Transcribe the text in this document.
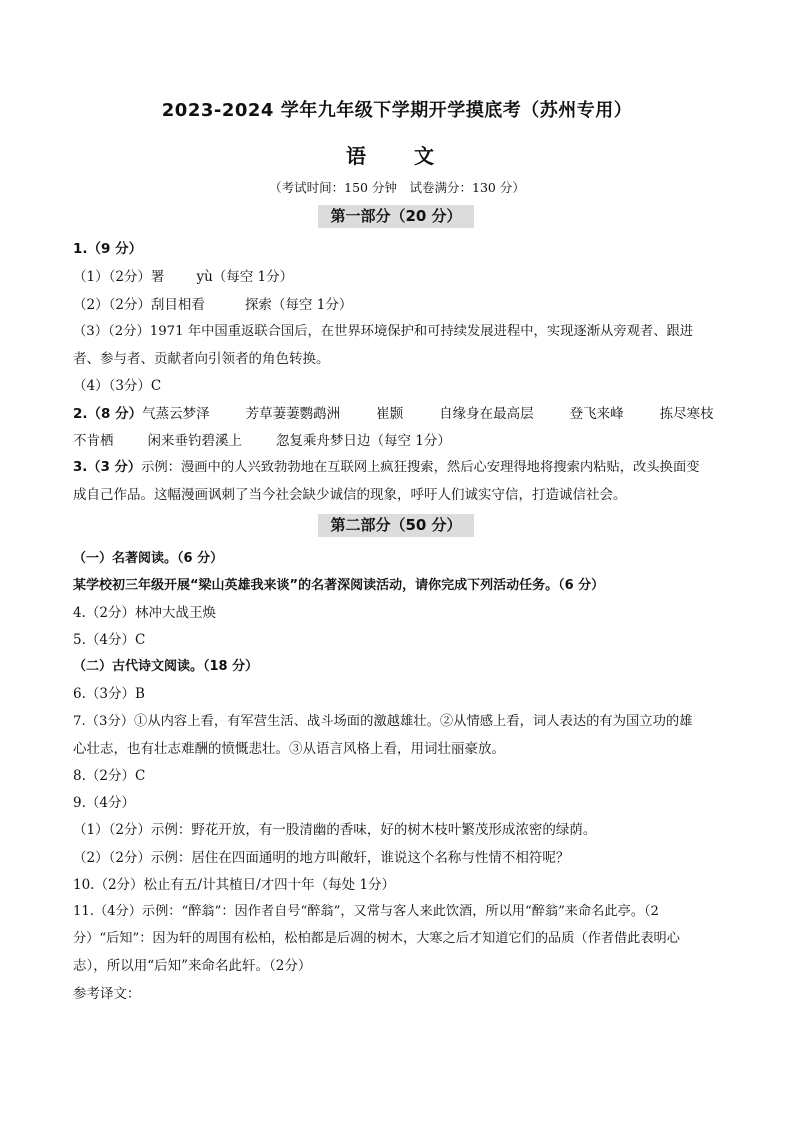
2023-2024 学年九年级下学期开学摸底考（苏州专用）
语　文
（考试时间：150 分钟　试卷满分：130 分）
第一部分（20 分）
1.（9 分）
（1）（2分）署 yù（每空 1分）
（2）（2分）刮目相看	探索（每空 1分）
（3）（2分）1971 年中国重返联合国后，在世界环境保护和可持续发展进程中，实现逐渐从旁观者、跟进
者、参与者、贡献者向引领者的角色转换。
（4）（3分）C
2.（8 分）气蒸云梦泽	芳草萋萋鹦鹉洲	崔颢	自缘身在最高层	登飞来峰	拣尽寒枝
不肯栖	闲来垂钓碧溪上	忽复乘舟梦日边（每空 1分）
3.（3 分）示例：漫画中的人兴致勃勃地在互联网上疯狂搜索，然后心安理得地将搜索内粘贴，改头换面变
成自己作品。这幅漫画讽刺了当今社会缺少诚信的现象，呼吁人们诚实守信，打造诚信社会。
第二部分（50 分）
（一）名著阅读。（6 分）
某学校初三年级开展“梁山英雄我来谈”的名著深阅读活动，请你完成下列活动任务。（6 分）
4.（2分）林冲大战王焕
5.（4分）C
（二）古代诗文阅读。（18 分）
6.（3分）B
7.（3分）①从内容上看，有军营生活、战斗场面的激越雄壮。②从情感上看，词人表达的有为国立功的雄
心壮志，也有壮志难酬的愤慨悲壮。③从语言风格上看，用词壮丽豪放。
8.（2分）C
9.（4分）
（1）（2分）示例：野花开放，有一股清幽的香味，好的树木枝叶繁茂形成浓密的绿荫。
（2）（2分）示例：居住在四面通明的地方叫敞轩，谁说这个名称与性情不相符呢？
10.（2分）松止有五/计其植日/才四十年（每处 1分）
11.（4分）示例：“醉翁”：因作者自号“醉翁”，又常与客人来此饮酒，所以用“醉翁”来命名此亭。（2
分）“后知”：因为轩的周围有松柏，松柏都是后凋的树木，大寒之后才知道它们的品质（作者借此表明心
志），所以用“后知”来命名此轩。（2分）
参考译文：
